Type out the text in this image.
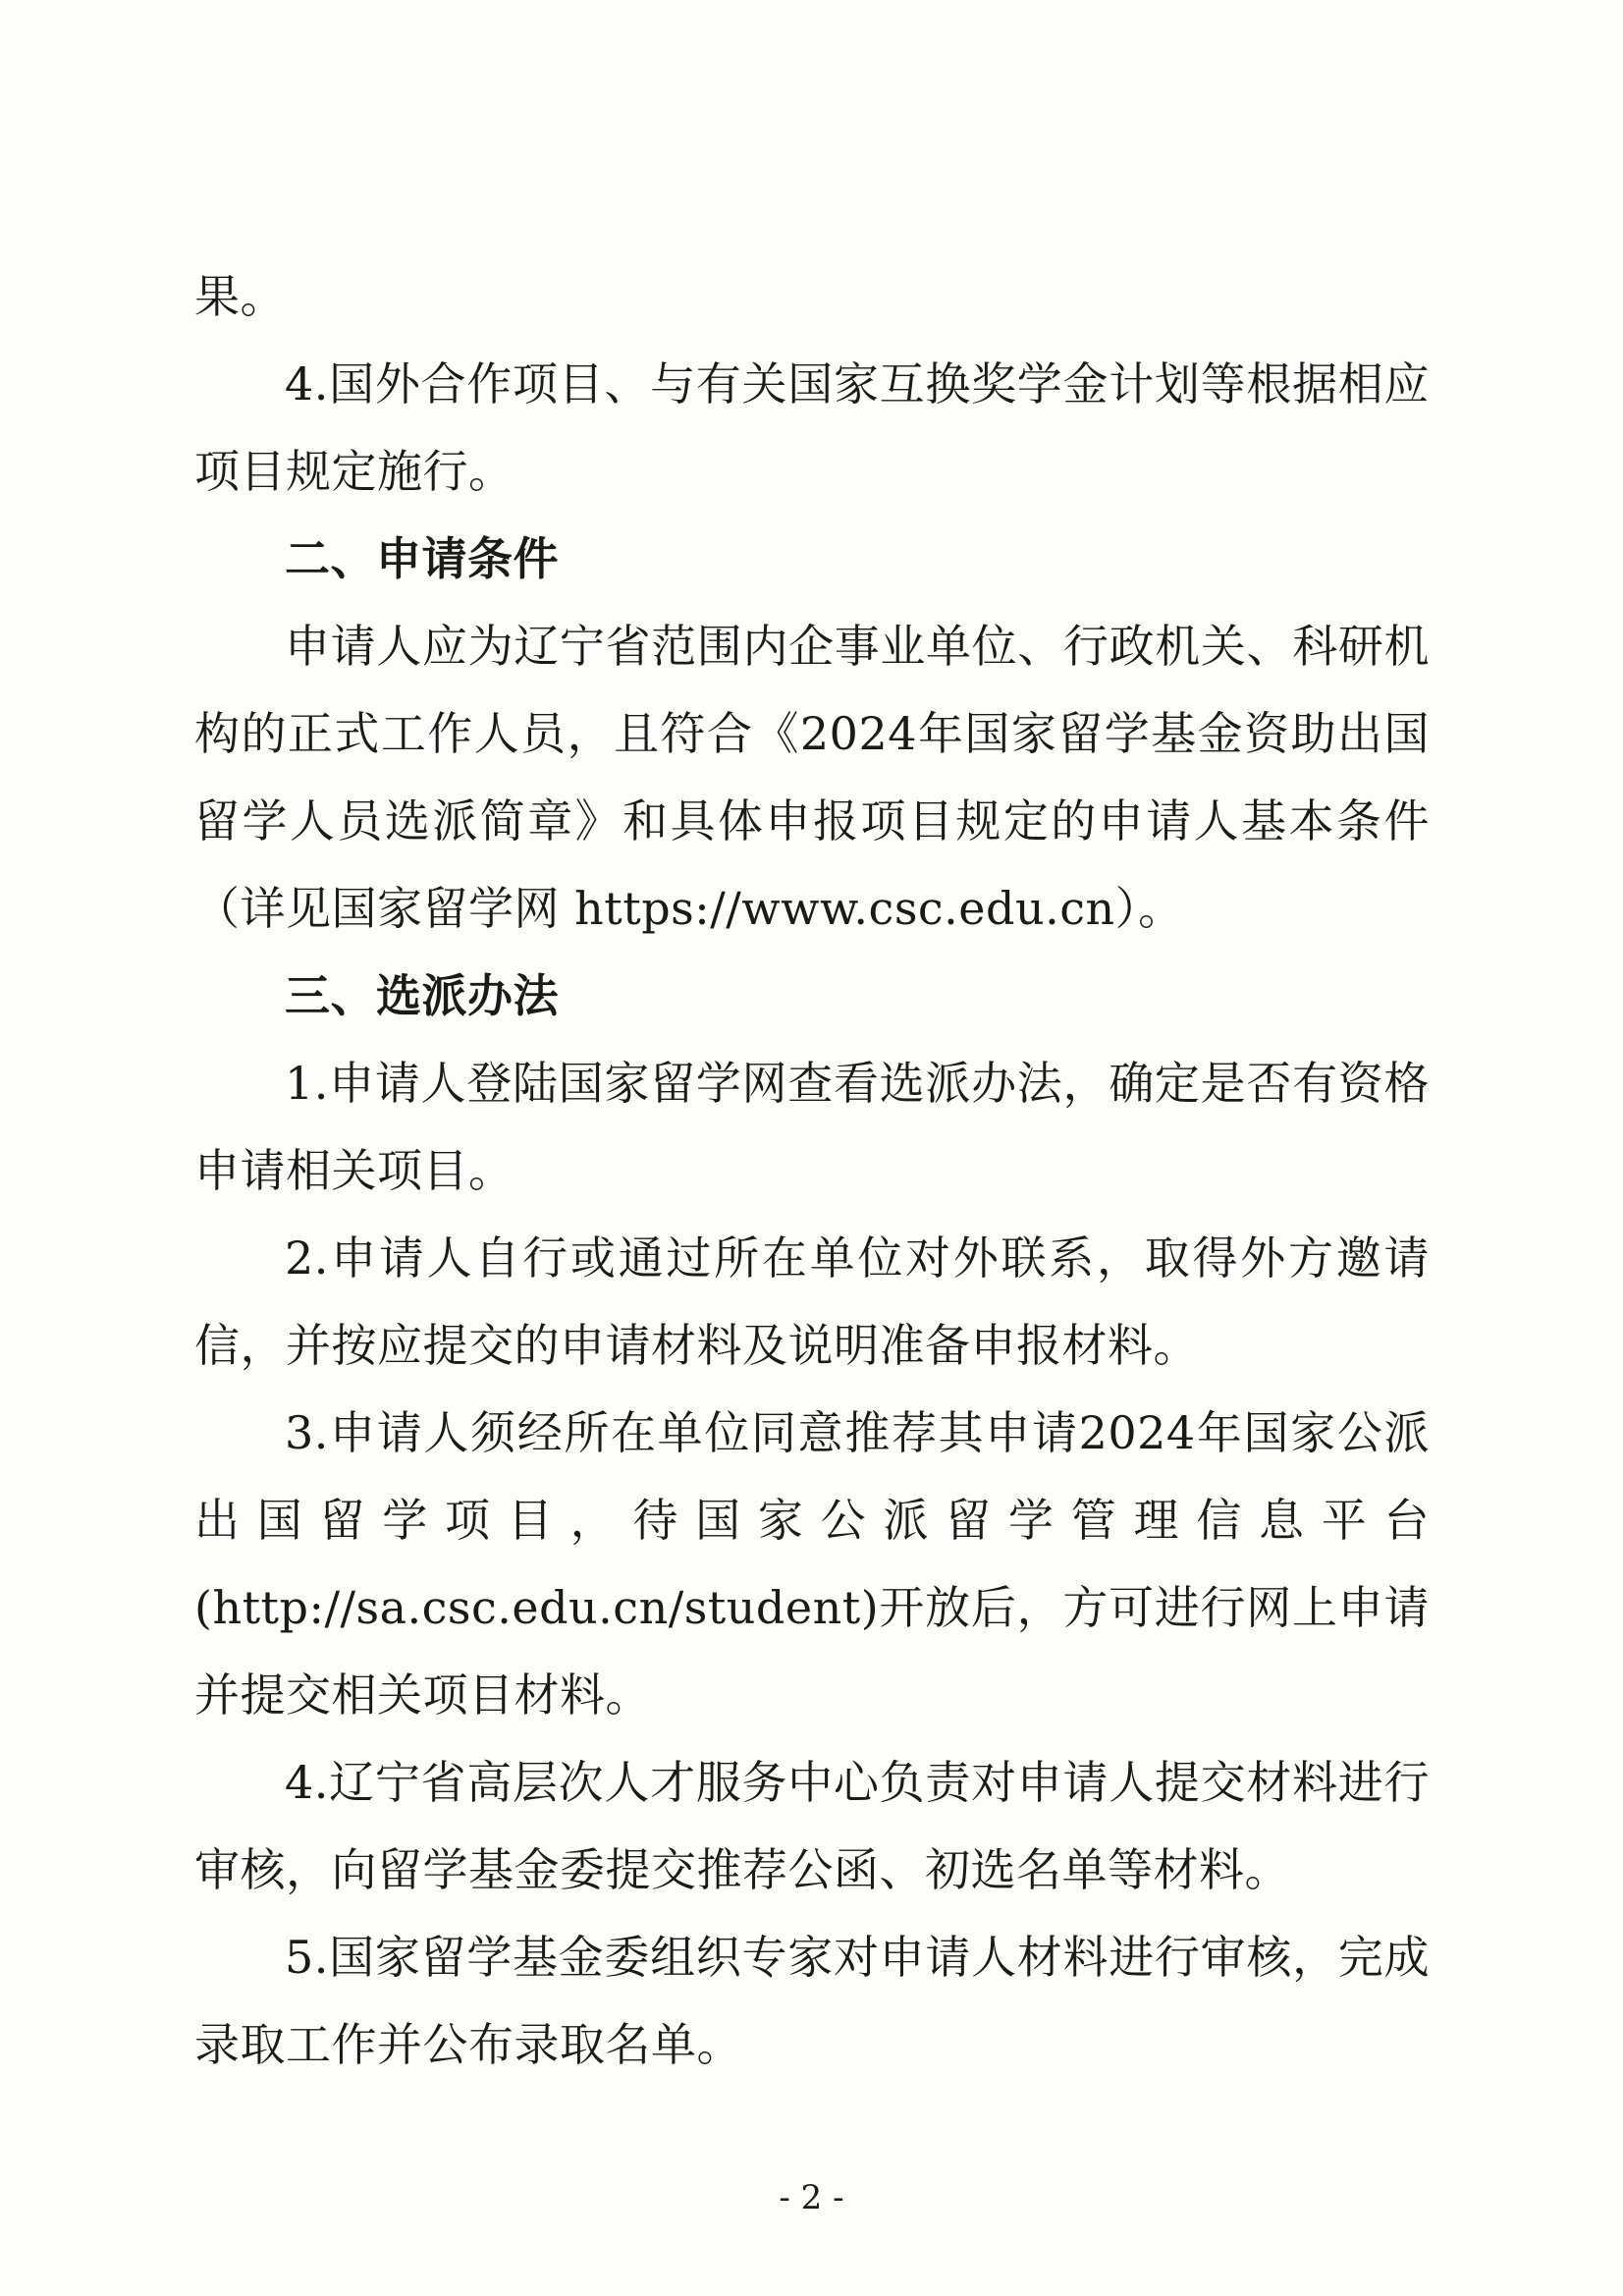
果。

4.国外合作项目、与有关国家互换奖学金计划等根据相应项目规定施行。

二、申请条件

申请人应为辽宁省范围内企事业单位、行政机关、科研机构的正式工作人员，且符合《2024年国家留学基金资助出国留学人员选派简章》和具体申报项目规定的申请人基本条件（详见国家留学网 https://www.csc.edu.cn）。

三、选派办法

1.申请人登陆国家留学网查看选派办法，确定是否有资格申请相关项目。

2.申请人自行或通过所在单位对外联系，取得外方邀请信，并按应提交的申请材料及说明准备申报材料。

3.申请人须经所在单位同意推荐其申请2024年国家公派出国留学项目，待国家公派留学管理信息平台

(http://sa.csc.edu.cn/student)开放后，方可进行网上申请并提交相关项目材料。

4.辽宁省高层次人才服务中心负责对申请人提交材料进行审核，向留学基金委提交推荐公函、初选名单等材料。

5.国家留学基金委组织专家对申请人材料进行审核，完成录取工作并公布录取名单。

- 2 -
